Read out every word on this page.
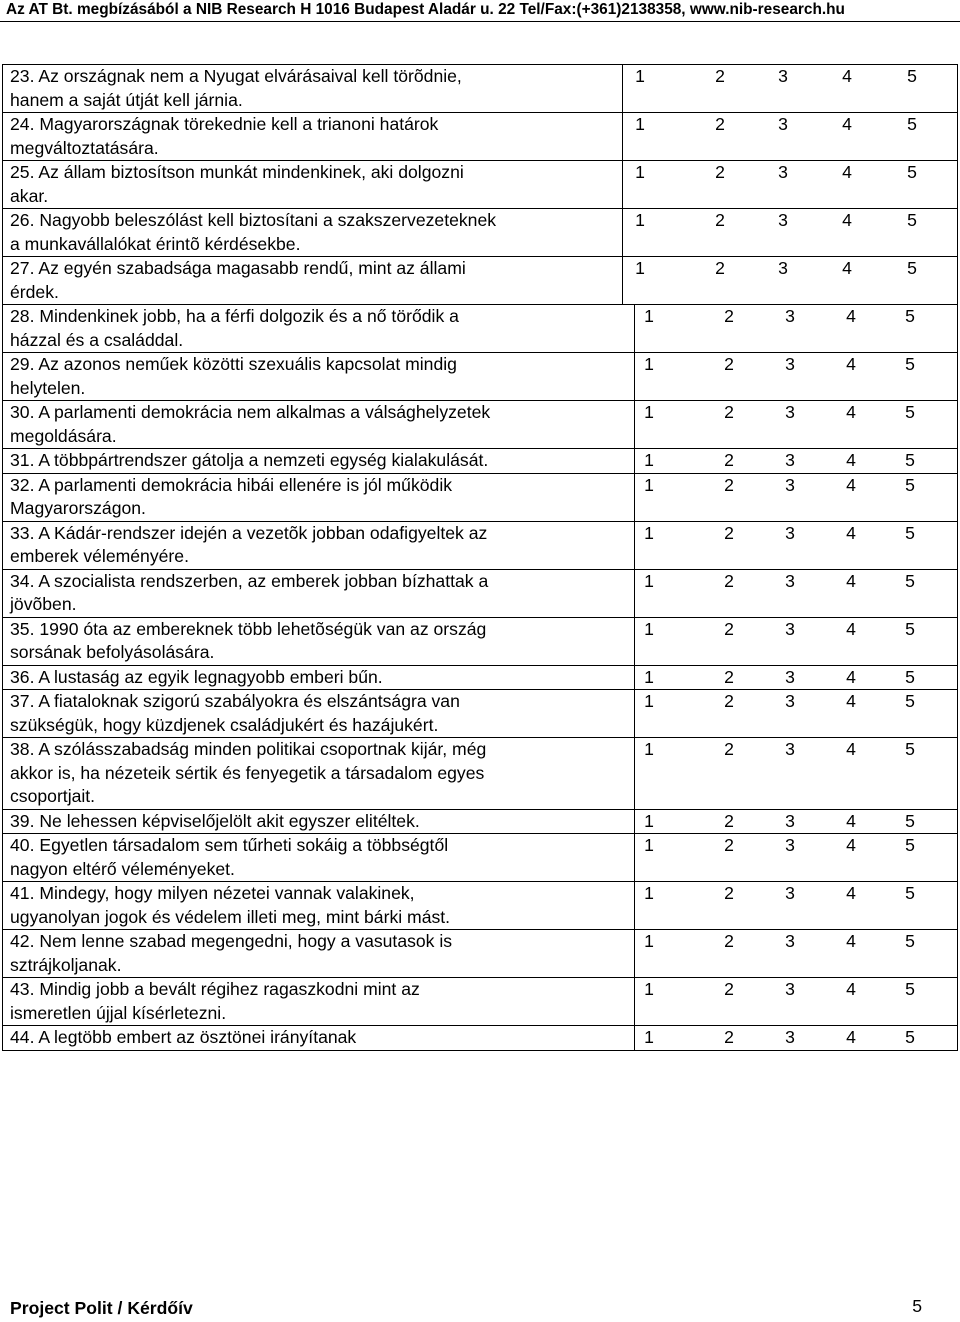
Az AT Bt. megbízásából a NIB Research H 1016 Budapest Aladár u. 22 Tel/Fax:(+361)2138358, www.nib-research.hu
23. Az országnak nem a Nyugat elvárásaival kell törõdnie,
hanem a saját útját kell járnia.
1	2	3	4	5
24. Magyarországnak törekednie kell a trianoni határok
megváltoztatására.
1	2	3	4	5
25. Az állam biztosítson munkát mindenkinek, aki dolgozni
akar.
1	2	3	4	5
26. Nagyobb beleszólást kell biztosítani a szakszervezeteknek
a munkavállalókat érintõ kérdésekbe.
1	2	3	4	5
27. Az egyén szabadsága magasabb rendű, mint az állami
érdek.
1	2	3	4	5
28. Mindenkinek jobb, ha a férfi dolgozik és a nő törődik a
házzal és a családdal.
1	2	3	4	5
29. Az azonos neműek közötti szexuális kapcsolat mindig
helytelen.
1	2	3	4	5
30. A parlamenti demokrácia nem alkalmas a válsághelyzetek
megoldására.
1	2	3	4	5
31. A többpártrendszer gátolja a nemzeti egység kialakulását.	1	2	3	4	5
32. A parlamenti demokrácia hibái ellenére is jól működik
Magyarországon.
1	2	3	4	5
33. A Kádár-rendszer idején a vezetõk jobban odafigyeltek az
emberek véleményére.
1	2	3	4	5
34. A szocialista rendszerben, az emberek jobban bízhattak a
jövõben.
1	2	3	4	5
35. 1990 óta az embereknek több lehetõségük van az ország
sorsának befolyásolására.
1	2	3	4	5
36. A lustaság az egyik legnagyobb emberi bűn.	1	2	3	4	5
37. A fiataloknak szigorú szabályokra és elszántságra van
szükségük, hogy küzdjenek családjukért és hazájukért.
1	2	3	4	5
38. A szólásszabadság minden politikai csoportnak kijár, még
akkor is, ha nézeteik sértik és fenyegetik a társadalom egyes
csoportjait.
1	2	3	4	5
39. Ne lehessen képviselőjelölt akit egyszer elitéltek.	1	2	3	4	5
40. Egyetlen társadalom sem tűrheti sokáig a többségtől
nagyon eltérő véleményeket.
1	2	3	4	5
41. Mindegy, hogy milyen nézetei vannak valakinek,
ugyanolyan jogok és védelem illeti meg, mint bárki mást.
1	2	3	4	5
42. Nem lenne szabad megengedni, hogy a vasutasok is
sztrájkoljanak.
1	2	3	4	5
43. Mindig jobb a bevált régihez ragaszkodni mint az
ismeretlen újjal kísérletezni.
1	2	3	4	5
44. A legtöbb embert az ösztönei irányítanak	1	2	3	4	5
Project Polit / Kérdőív	5
